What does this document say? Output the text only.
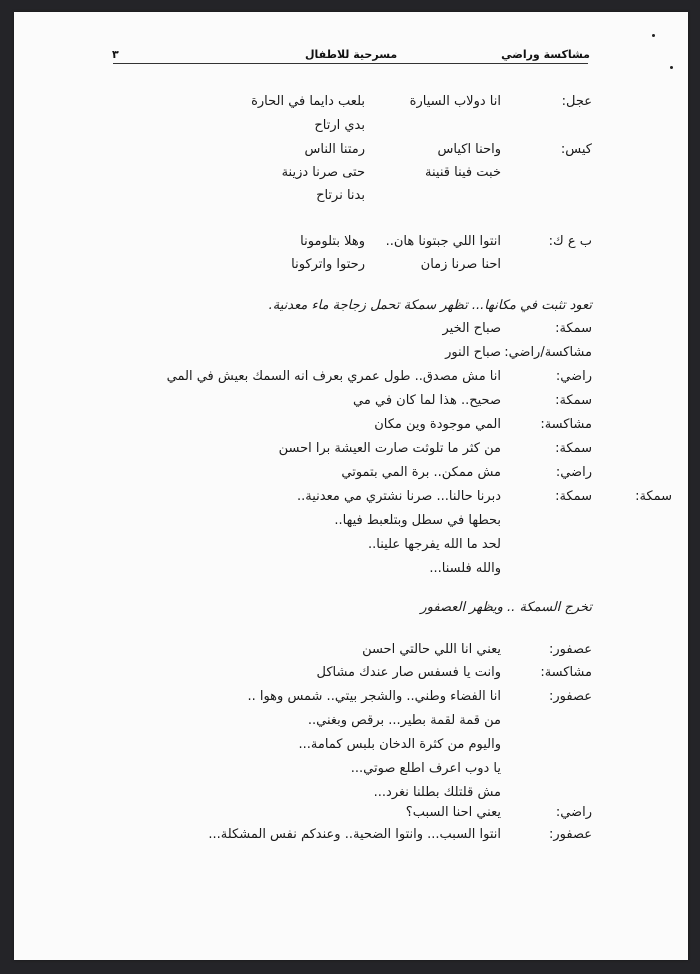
مشاكسة وراضي
مسرحية للاطفال
٣
سمكة:
عجل:
انا دولاب السيارة
بلعب دايما في الحارة
بدي ارتاح
كيس:
واحنا اكياس
رمتنا الناس
خبت فينا قنينة
حتى صرنا دزينة
بدنا نرتاح
ب ع ك:
انتوا اللي جبتونا هان..
وهلا بتلومونا
احنا صرنا زمان
رحتوا واتركونا
سمكة:
صباح الخير
مشاكسة/راضي:
صباح النور
راضي:
انا مش مصدق.. طول عمري بعرف انه السمك بعيش في المي
سمكة:
صحيح.. هذا لما كان في مي
مشاكسة:
المي موجودة وين مكان
سمكة:
من كثر ما تلوثت صارت العيشة برا احسن
راضي:
مش ممكن.. برة المي بتموتي
سمكة:
دبرنا حالنا... صرنا نشتري مي معدنية..
بحطها في سطل وبتلعبط فيها..
لحد ما الله يفرجها علينا..
والله فلسنا...
عصفور:
يعني انا اللي حالتي احسن
مشاكسة:
وانت يا فسفس صار عندك مشاكل
عصفور:
انا الفضاء وطني.. والشجر بيتي.. شمس وهوا ..
من قمة لقمة بطير... برقص وبغني..
واليوم من كثرة الدخان بلبس كمامة...
يا دوب اعرف اطلع صوتي...
مش قلتلك بطلنا نغرد...
راضي:
يعني احنا السبب؟
عصفور:
انتوا السبب... وانتوا الضحية.. وعندكم نفس المشكلة...
تعود تثبت في مكانها... تظهر سمكة تحمل زجاجة ماء معدنية.
تخرج السمكة .. ويظهر العصفور
